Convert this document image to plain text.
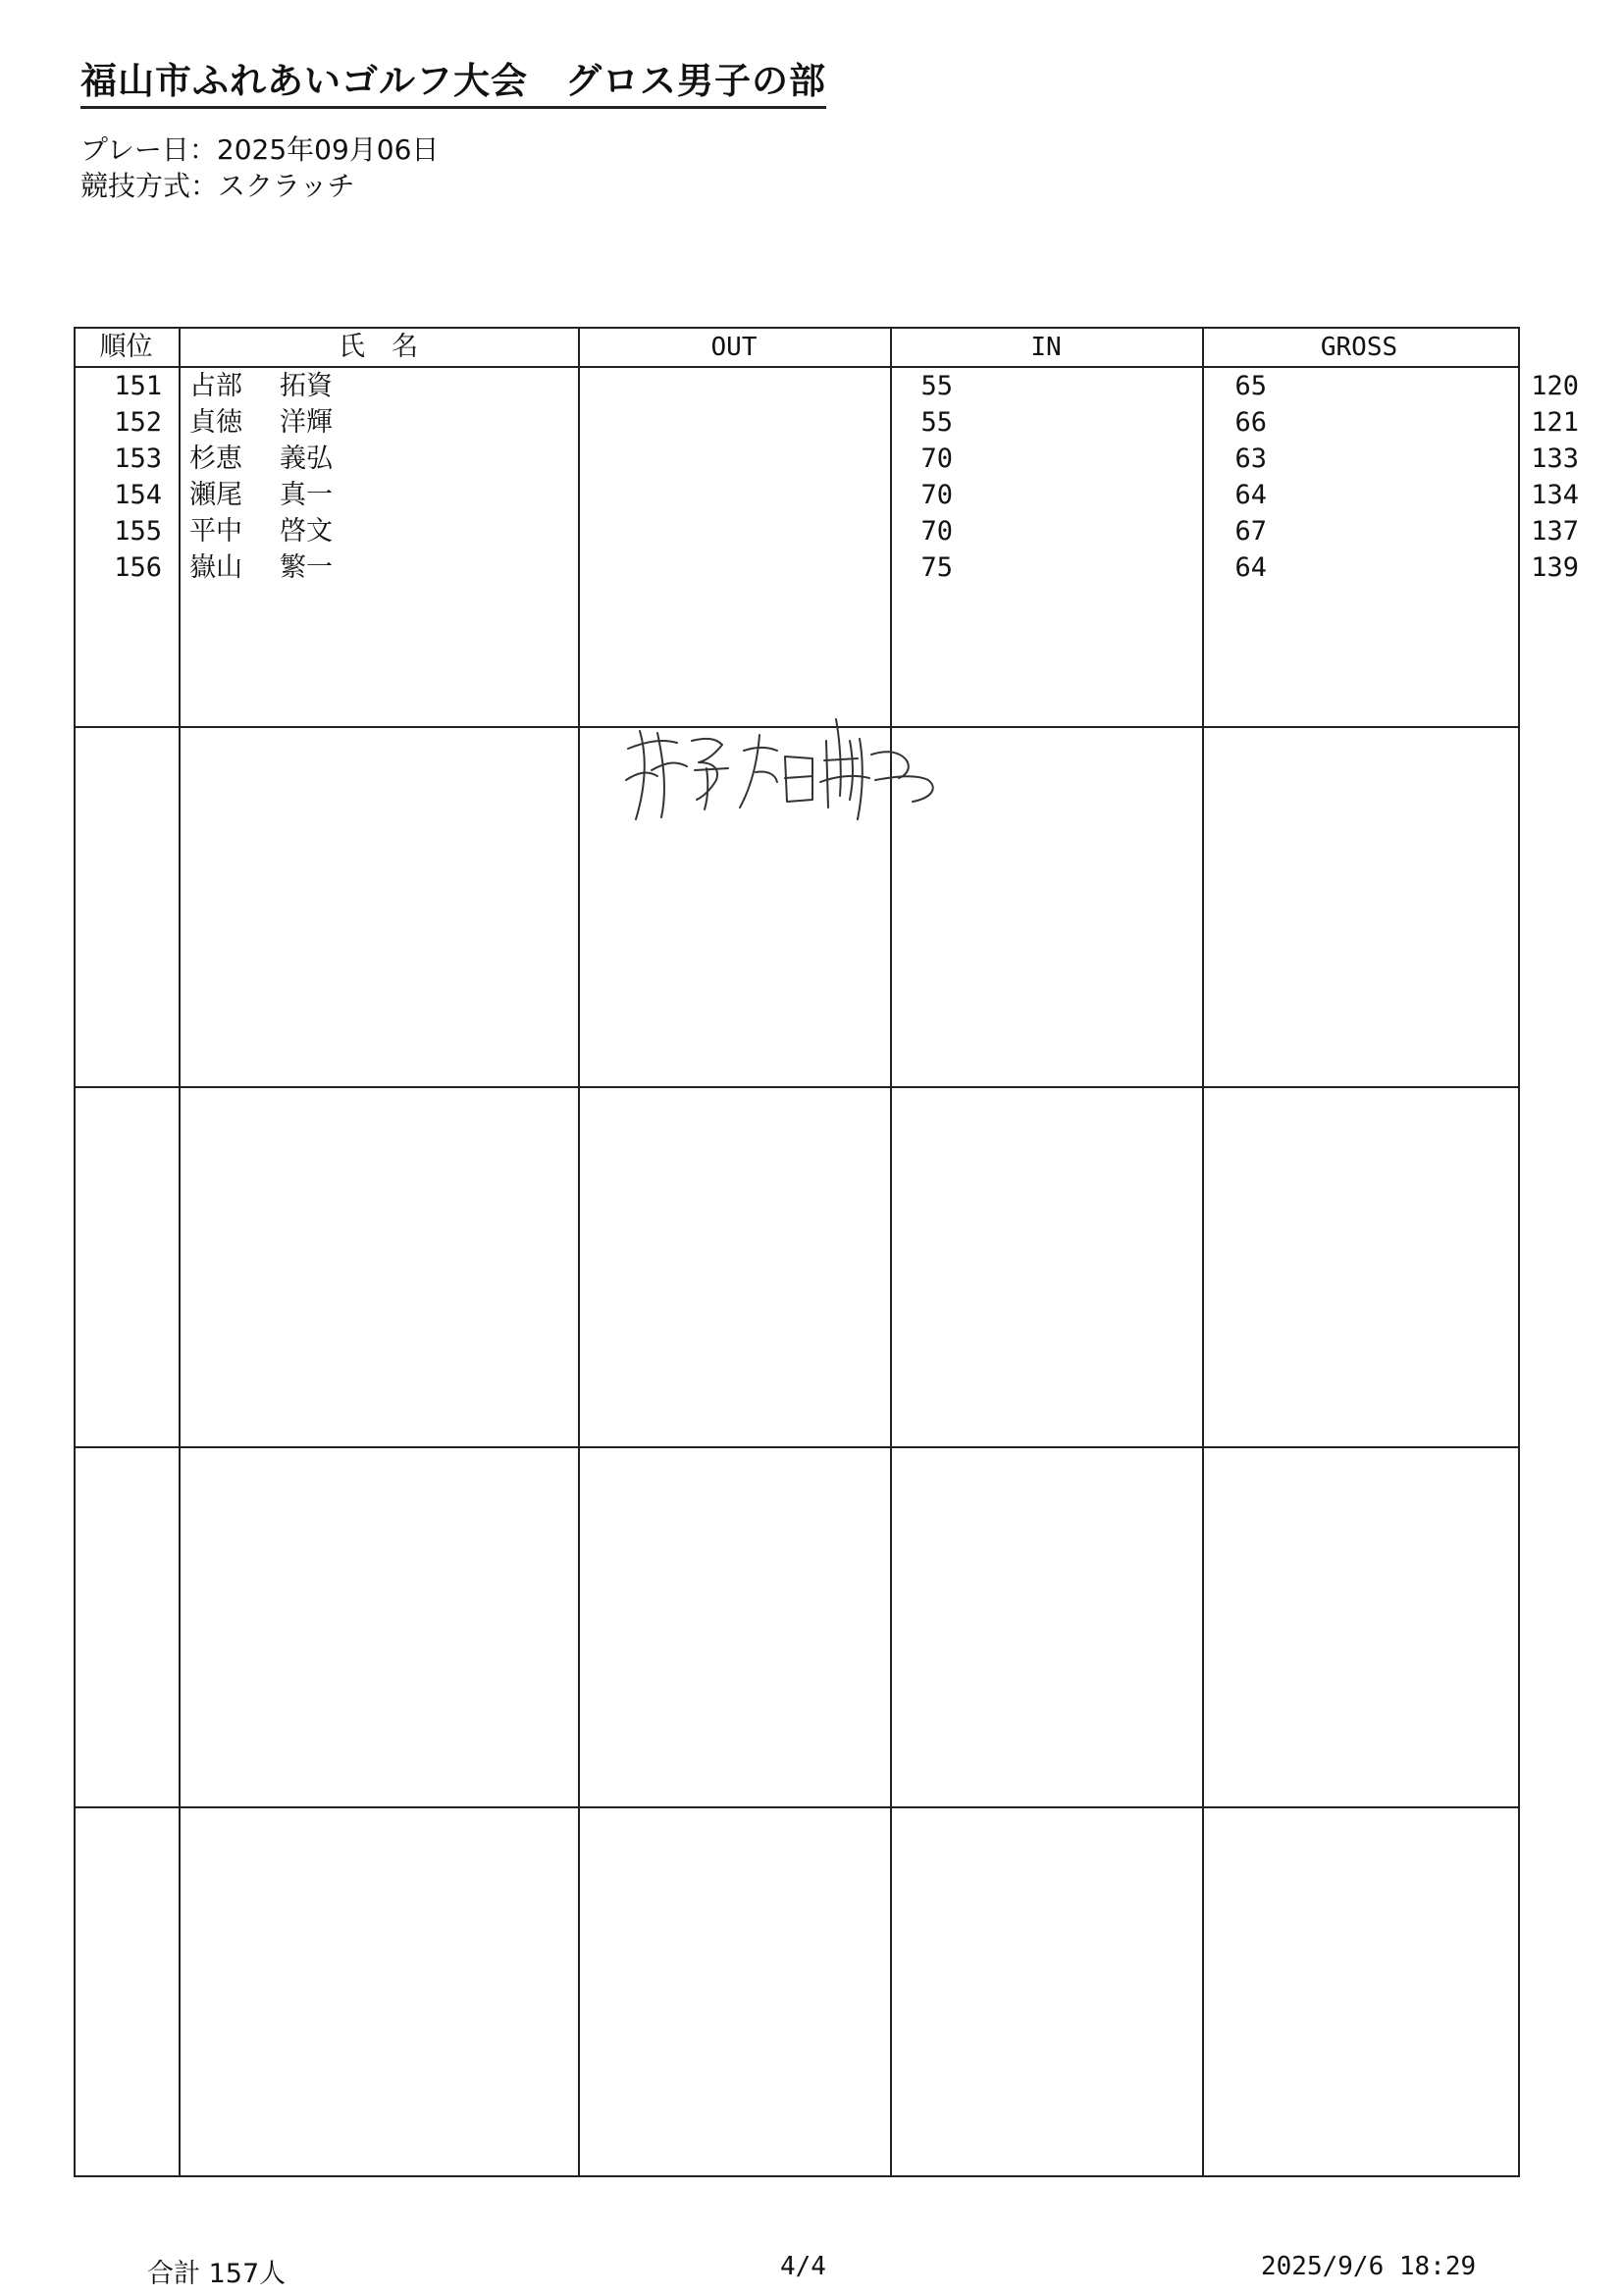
福山市ふれあいゴルフ大会　グロス男子の部
プレー日：2025年09月06日
競技方式：スクラッチ
順位	氏　名	OUT	IN	GROSS
151 占部 拓資	55	65	120
152 貞徳 洋輝	55	66	121
153 杉恵 義弘	70	63	133
154 瀬尾 真一	70	64	134
155 平中 啓文	70	67	137
156 嶽山 繁一	75	64	139
合計 157人	4/4	2025/9/6 18:29
